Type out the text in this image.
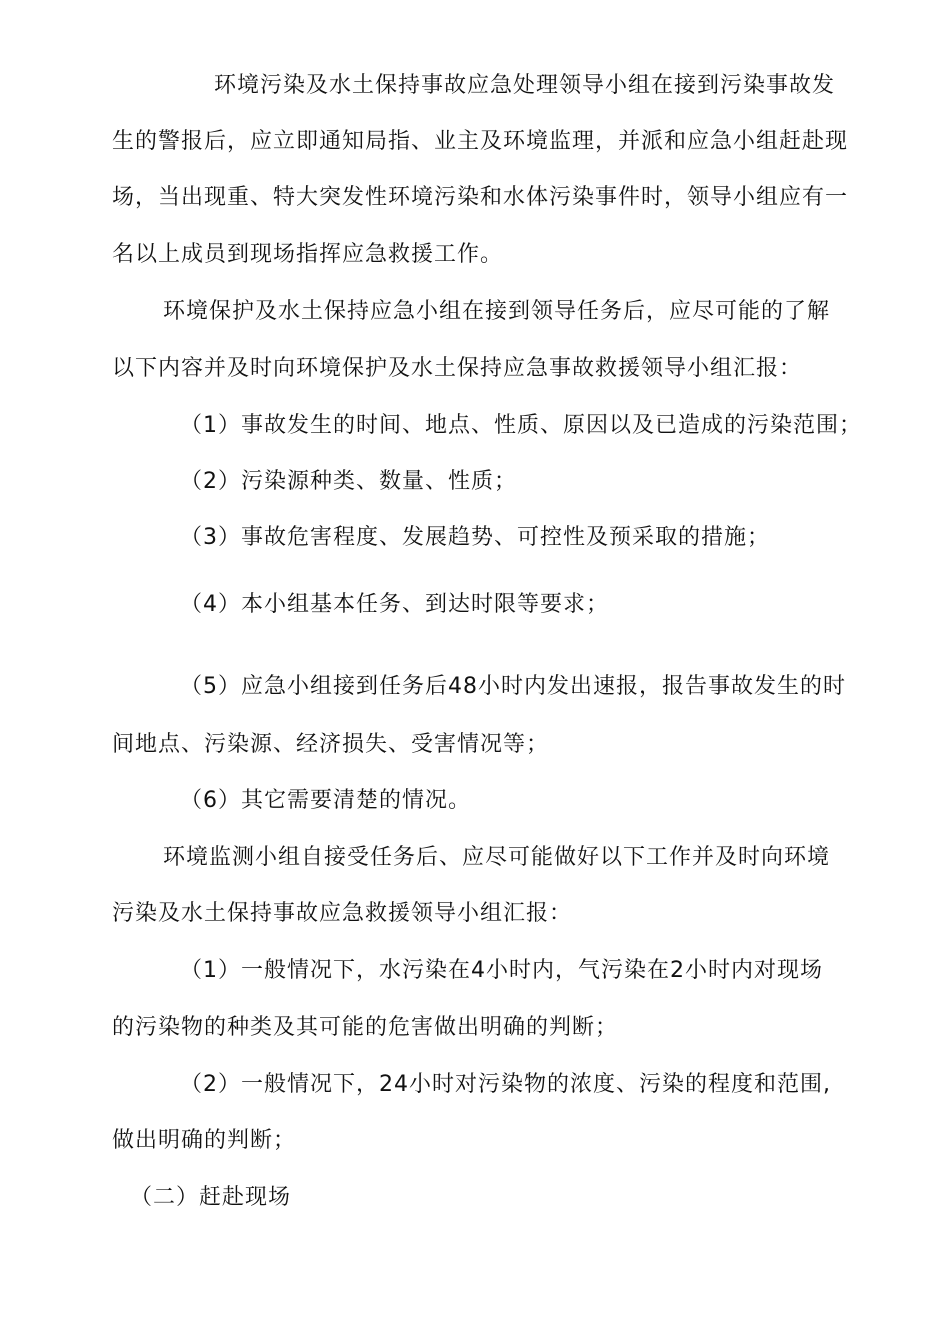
环境污染及水土保持事故应急处理领导小组在接到污染事故发
生的警报后，应立即通知局指、业主及环境监理，并派和应急小组赶赴现
场，当出现重、特大突发性环境污染和水体污染事件时，领导小组应有一
名以上成员到现场指挥应急救援工作。
环境保护及水土保持应急小组在接到领导任务后，应尽可能的了解
以下内容并及时向环境保护及水土保持应急事故救援领导小组汇报：
（1）事故发生的时间、地点、性质、原因以及已造成的污染范围；
（2）污染源种类、数量、性质；
（3）事故危害程度、发展趋势、可控性及预采取的措施；
（4）本小组基本任务、到达时限等要求；
（5）应急小组接到任务后48小时内发出速报，报告事故发生的时
间地点、污染源、经济损失、受害情况等；
（6）其它需要清楚的情况。
环境监测小组自接受任务后、应尽可能做好以下工作并及时向环境
污染及水土保持事故应急救援领导小组汇报：
（1）一般情况下，水污染在4小时内，气污染在2小时内对现场
的污染物的种类及其可能的危害做出明确的判断；
（2）一般情况下，24小时对污染物的浓度、污染的程度和范围,
做出明确的判断；
（二）赶赴现场
